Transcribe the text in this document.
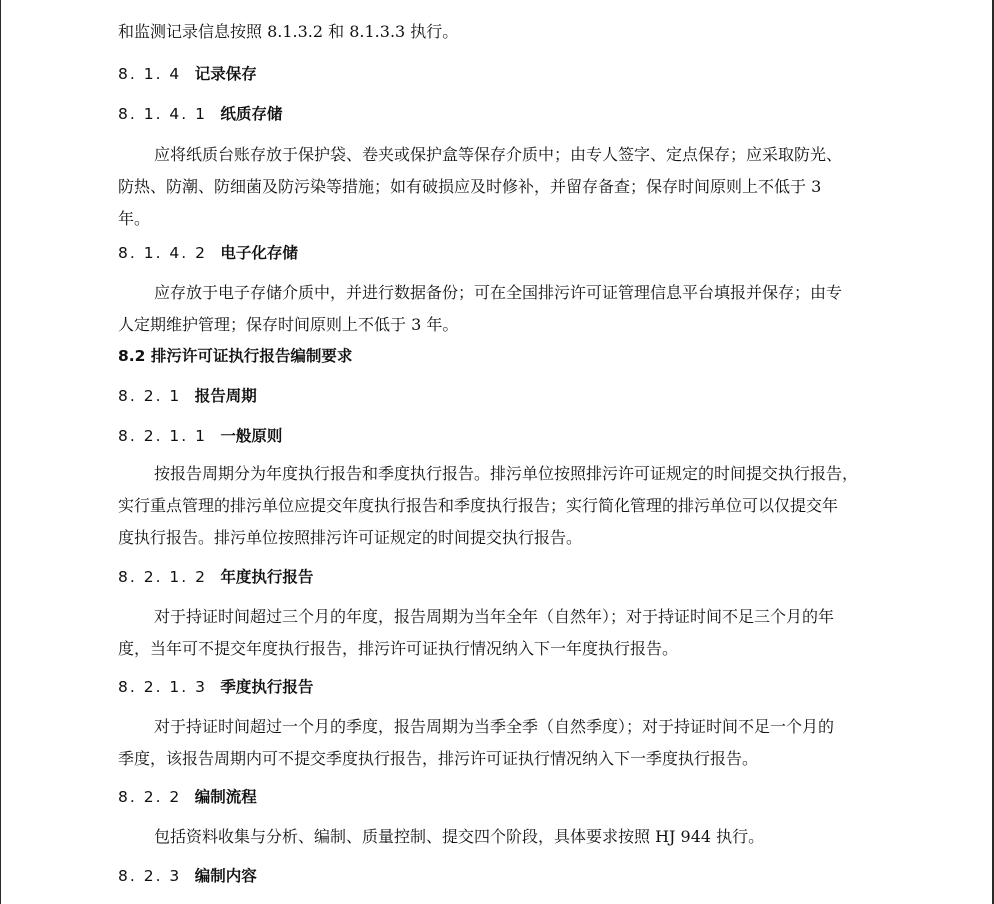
和监测记录信息按照 8.1.3.2 和 8.1.3.3 执行。
8. 1. 4 记录保存
8. 1. 4. 1 纸质存储
应将纸质台账存放于保护袋、卷夹或保护盒等保存介质中；由专人签字、定点保存；应采取防光、
防热、防潮、防细菌及防污染等措施；如有破损应及时修补，并留存备查；保存时间原则上不低于 3
年。
8. 1. 4. 2 电子化存储
应存放于电子存储介质中，并进行数据备份；可在全国排污许可证管理信息平台填报并保存；由专
人定期维护管理；保存时间原则上不低于 3 年。
8.2 排污许可证执行报告编制要求
8. 2. 1 报告周期
8. 2. 1. 1 一般原则
按报告周期分为年度执行报告和季度执行报告。排污单位按照排污许可证规定的时间提交执行报告，
实行重点管理的排污单位应提交年度执行报告和季度执行报告；实行简化管理的排污单位可以仅提交年
度执行报告。排污单位按照排污许可证规定的时间提交执行报告。
8. 2. 1. 2 年度执行报告
对于持证时间超过三个月的年度，报告周期为当年全年（自然年）；对于持证时间不足三个月的年
度，当年可不提交年度执行报告，排污许可证执行情况纳入下一年度执行报告。
8. 2. 1. 3 季度执行报告
对于持证时间超过一个月的季度，报告周期为当季全季（自然季度）；对于持证时间不足一个月的
季度，该报告周期内可不提交季度执行报告，排污许可证执行情况纳入下一季度执行报告。
8. 2. 2 编制流程
包括资料收集与分析、编制、质量控制、提交四个阶段，具体要求按照 HJ 944 执行。
8. 2. 3 编制内容
